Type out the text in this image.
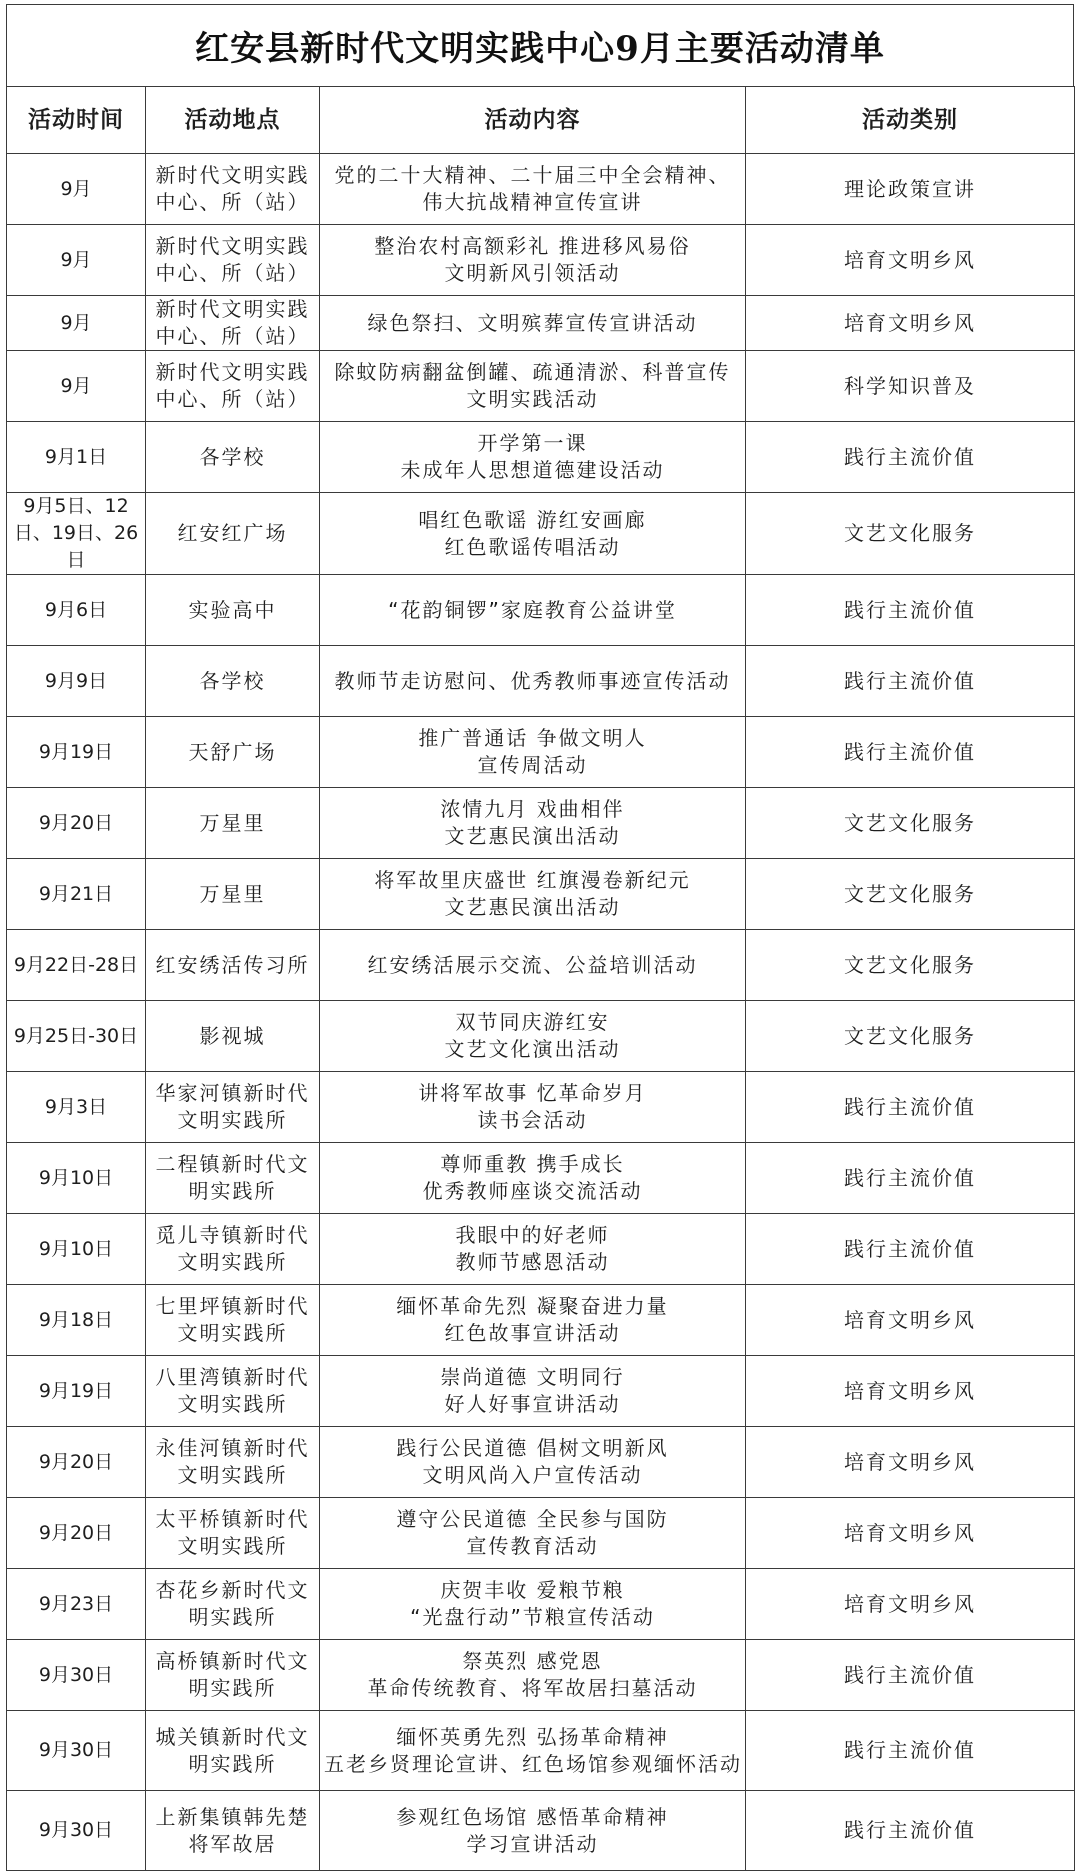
红安县新时代文明实践中心9月主要活动清单
活动时间	活动地点	活动内容	活动类别
9月	新时代文明实践中心、所（站）	党的二十大精神、二十届三中全会精神、
伟大抗战精神宣传宣讲	理论政策宣讲
9月	新时代文明实践中心、所（站）	整治农村高额彩礼 推进移风易俗
文明新风引领活动	培育文明乡风
9月	新时代文明实践中心、所（站）	绿色祭扫、文明殡葬宣传宣讲活动	培育文明乡风
9月	新时代文明实践中心、所（站）	除蚊防病翻盆倒罐、疏通清淤、科普宣传
文明实践活动	科学知识普及
9月1日	各学校	开学第一课
未成年人思想道德建设活动	践行主流价值
9月5日、12日、19日、26日	红安红广场	唱红色歌谣 游红安画廊
红色歌谣传唱活动	文艺文化服务
9月6日	实验高中	“花韵铜锣”家庭教育公益讲堂	践行主流价值
9月9日	各学校	教师节走访慰问、优秀教师事迹宣传活动	践行主流价值
9月19日	天舒广场	推广普通话 争做文明人
宣传周活动	践行主流价值
9月20日	万星里	浓情九月 戏曲相伴
文艺惠民演出活动	文艺文化服务
9月21日	万星里	将军故里庆盛世 红旗漫卷新纪元
文艺惠民演出活动	文艺文化服务
9月22日-28日	红安绣活传习所	红安绣活展示交流、公益培训活动	文艺文化服务
9月25日-30日	影视城	双节同庆游红安
文艺文化演出活动	文艺文化服务
9月3日	华家河镇新时代文明实践所	讲将军故事 忆革命岁月
读书会活动	践行主流价值
9月10日	二程镇新时代文明实践所	尊师重教 携手成长
优秀教师座谈交流活动	践行主流价值
9月10日	觅儿寺镇新时代文明实践所	我眼中的好老师
教师节感恩活动	践行主流价值
9月18日	七里坪镇新时代文明实践所	缅怀革命先烈 凝聚奋进力量
红色故事宣讲活动	培育文明乡风
9月19日	八里湾镇新时代文明实践所	崇尚道德 文明同行
好人好事宣讲活动	培育文明乡风
9月20日	永佳河镇新时代文明实践所	践行公民道德 倡树文明新风
文明风尚入户宣传活动	培育文明乡风
9月20日	太平桥镇新时代文明实践所	遵守公民道德 全民参与国防
宣传教育活动	培育文明乡风
9月23日	杏花乡新时代文明实践所	庆贺丰收 爱粮节粮
“光盘行动”节粮宣传活动	培育文明乡风
9月30日	高桥镇新时代文明实践所	祭英烈 感党恩
革命传统教育、将军故居扫墓活动	践行主流价值
9月30日	城关镇新时代文明实践所	缅怀英勇先烈 弘扬革命精神
五老乡贤理论宣讲、红色场馆参观缅怀活动	践行主流价值
9月30日	上新集镇韩先楚将军故居	参观红色场馆 感悟革命精神
学习宣讲活动	践行主流价值
